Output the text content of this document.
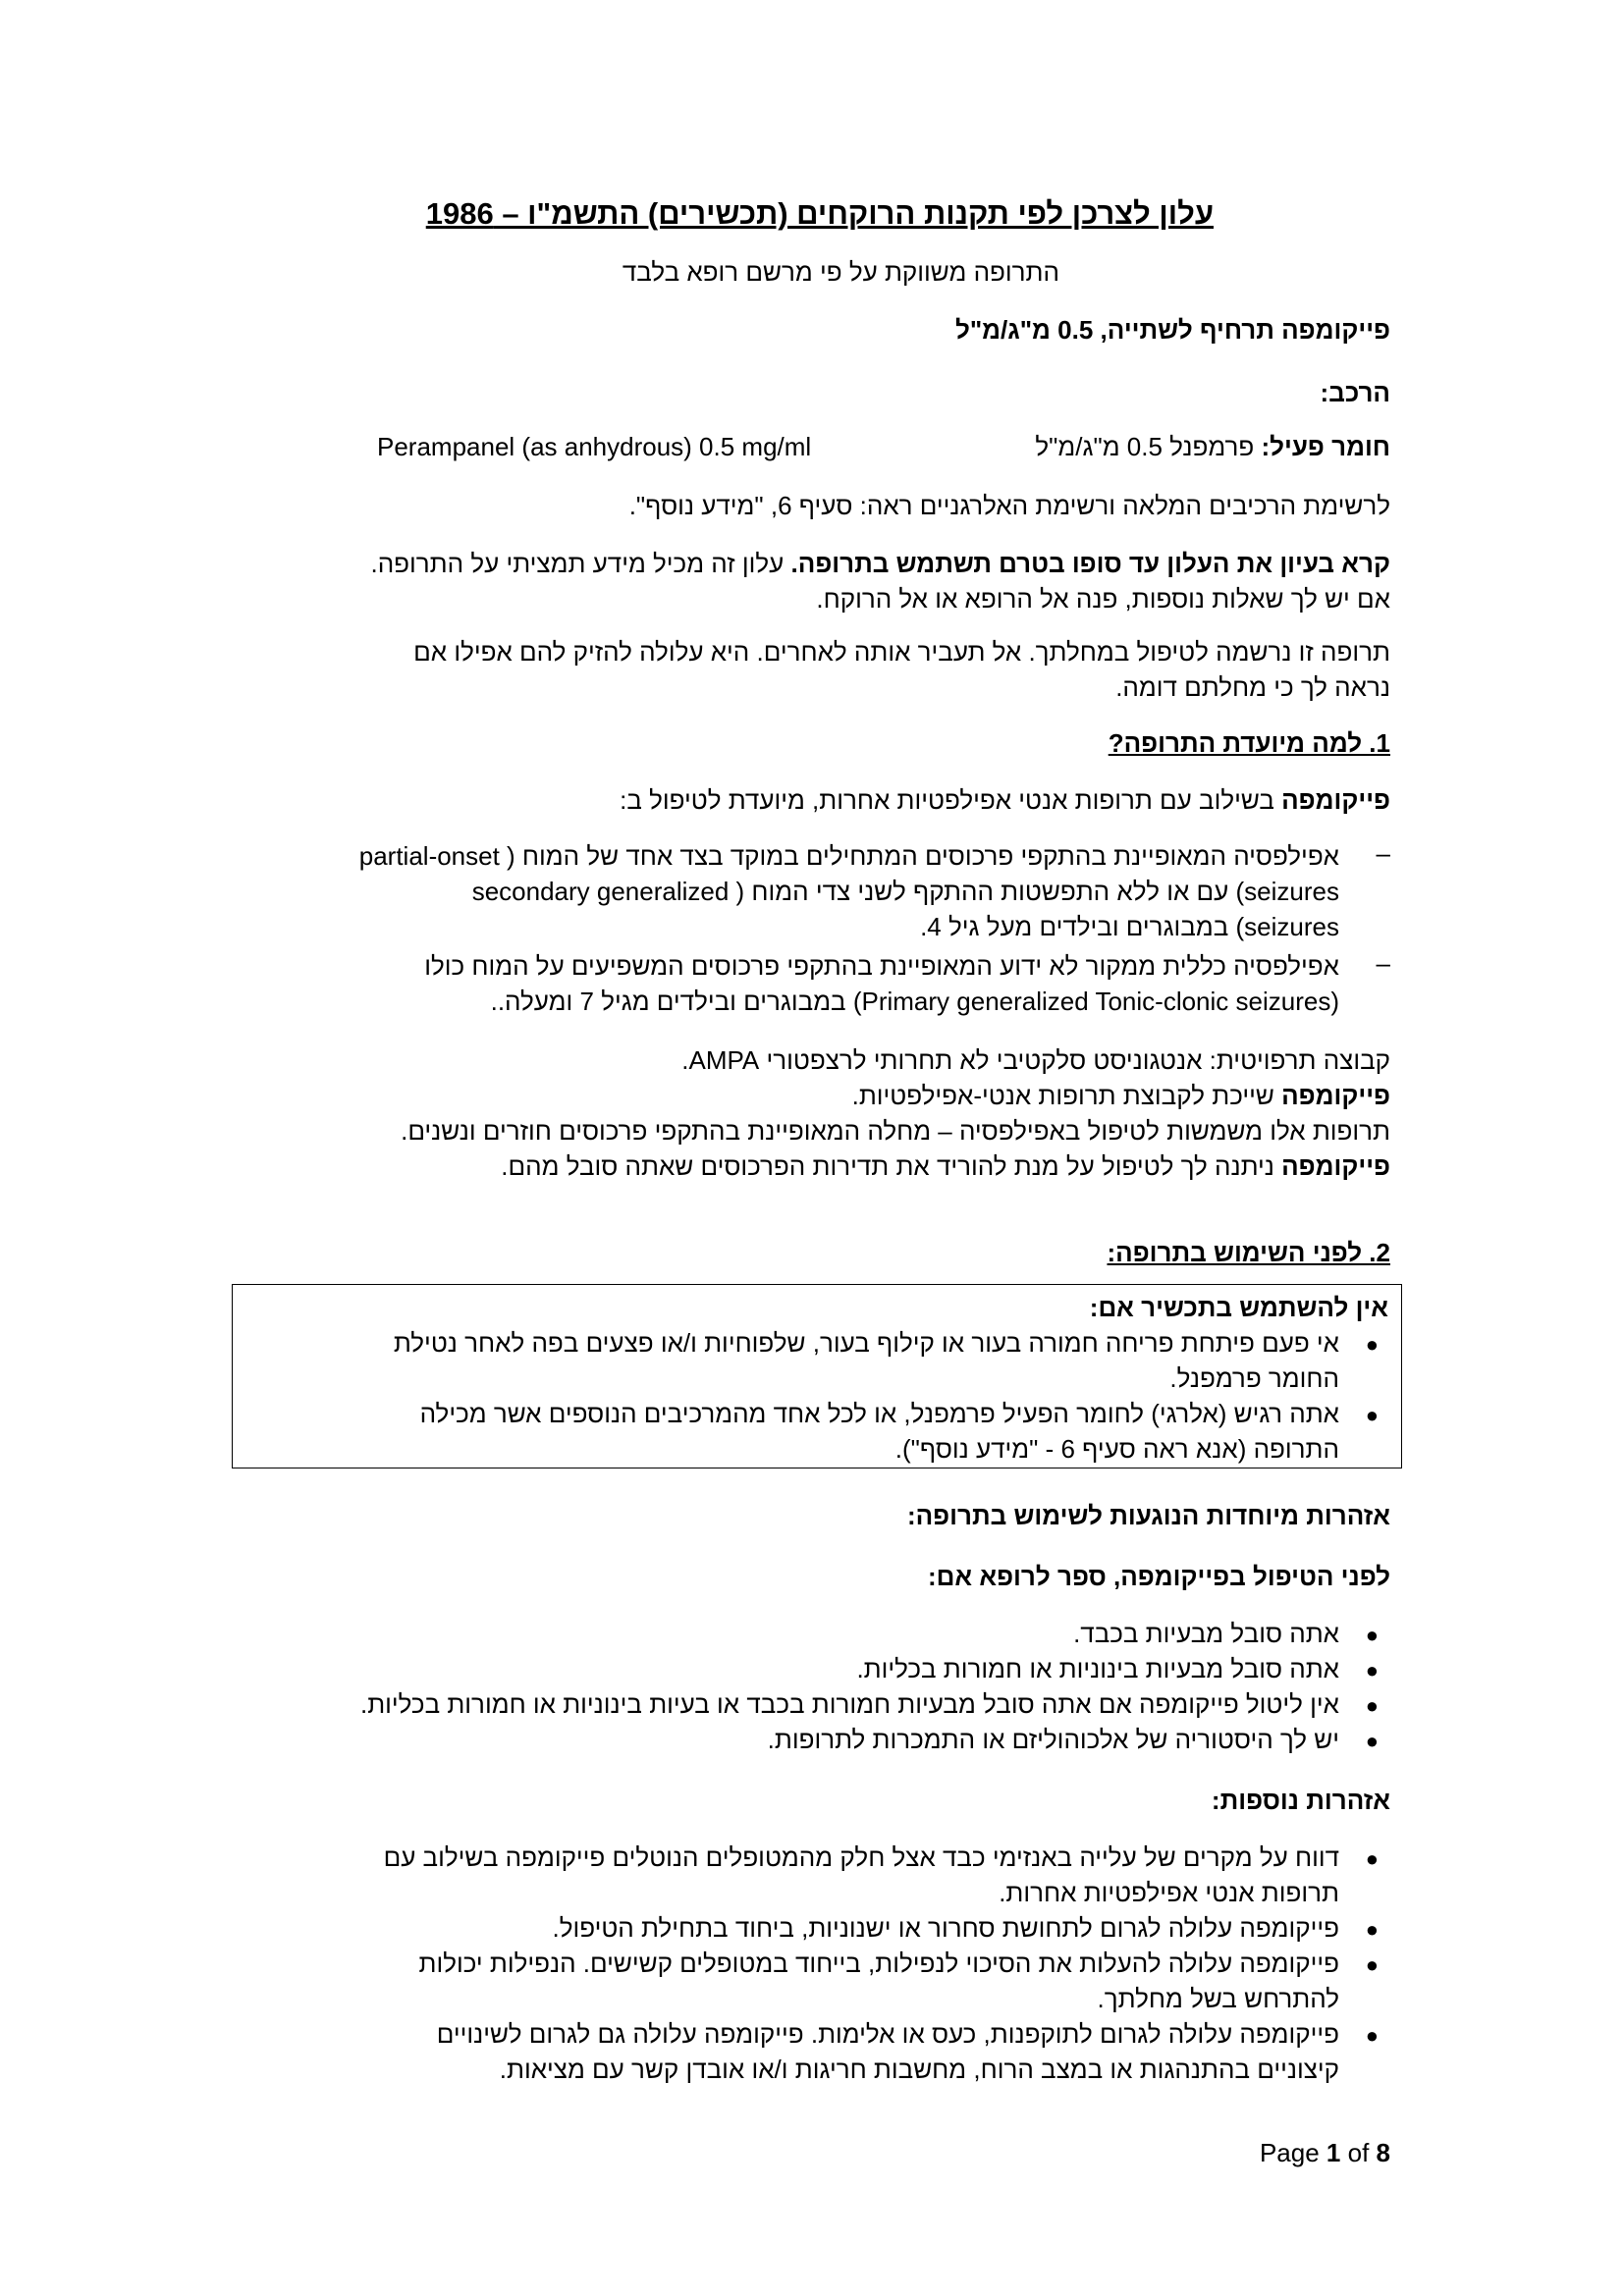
עלון לצרכן לפי תקנות הרוקחים (תכשירים) התשמ"ו – 1986
התרופה משווקת על פי מרשם רופא בלבד
פייקומפה תרחיף לשתייה, 0.5 מ"ג/מ"ל
הרכב:
חומר פעיל: פרמפנל 0.5 מ"ג/מ"ל
Perampanel (as anhydrous) 0.5 mg/ml
לרשימת הרכיבים המלאה ורשימת האלרגניים ראה: סעיף 6, "מידע נוסף".
קרא בעיון את העלון עד סופו בטרם תשתמש בתרופה. עלון זה מכיל מידע תמציתי על התרופה.
אם יש לך שאלות נוספות, פנה אל הרופא או אל הרוקח.
תרופה זו נרשמה לטיפול במחלתך. אל תעביר אותה לאחרים. היא עלולה להזיק להם אפילו אם
נראה לך כי מחלתם דומה.
1. למה מיועדת התרופה?
פייקומפה בשילוב עם תרופות אנטי אפילפטיות אחרות, מיועדת לטיפול ב:
–
אפילפסיה המאופיינת בהתקפי פרכוסים המתחילים במוקד בצד אחד של המוח ( partial-onset
seizures) עם או ללא התפשטות ההתקף לשני צדי המוח ( secondary generalized
seizures) במבוגרים ובילדים מעל גיל 4.
–
אפילפסיה כללית ממקור לא ידוע המאופיינת בהתקפי פרכוסים המשפיעים על המוח כולו
(Primary generalized Tonic-clonic seizures) במבוגרים ובילדים מגיל 7 ומעלה..
קבוצה תרפויטית: אנטגוניסט סלקטיבי לא תחרותי לרצפטורי AMPA.
פייקומפה שייכת לקבוצת תרופות אנטי-אפילפטיות.
תרופות אלו משמשות לטיפול באפילפסיה – מחלה המאופיינת בהתקפי פרכוסים חוזרים ונשנים.
פייקומפה ניתנה לך לטיפול על מנת להוריד את תדירות הפרכוסים שאתה סובל מהם.
2. לפני השימוש בתרופה:
אין להשתמש בתכשיר אם:
●
אי פעם פיתחת פריחה חמורה בעור או קילוף בעור, שלפוחיות ו/או פצעים בפה לאחר נטילת
החומר פרמפנל.
●
אתה רגיש (אלרגי) לחומר הפעיל פרמפנל, או לכל אחד מהמרכיבים הנוספים אשר מכילה
התרופה (אנא ראה סעיף 6 - "מידע נוסף").
אזהרות מיוחדות הנוגעות לשימוש בתרופה:
לפני הטיפול בפייקומפה, ספר לרופא אם:
●
אתה סובל מבעיות בכבד.
●
אתה סובל מבעיות בינוניות או חמורות בכליות.
●
אין ליטול פייקומפה אם אתה סובל מבעיות חמורות בכבד או בעיות בינוניות או חמורות בכליות.
●
יש לך היסטוריה של אלכוהוליזם או התמכרות לתרופות.
אזהרות נוספות:
●
דווח על מקרים של עלייה באנזימי כבד אצל חלק מהמטופלים הנוטלים פייקומפה בשילוב עם
תרופות אנטי אפילפטיות אחרות.
●
פייקומפה עלולה לגרום לתחושת סחרור או ישנוניות, ביחוד בתחילת הטיפול.
●
פייקומפה עלולה להעלות את הסיכוי לנפילות, בייחוד במטופלים קשישים. הנפילות יכולות
להתרחש בשל מחלתך.
●
פייקומפה עלולה לגרום לתוקפנות, כעס או אלימות. פייקומפה עלולה גם לגרום לשינויים
קיצוניים בהתנהגות או במצב הרוח, מחשבות חריגות ו/או אובדן קשר עם מציאות.
Page 1 of 8
